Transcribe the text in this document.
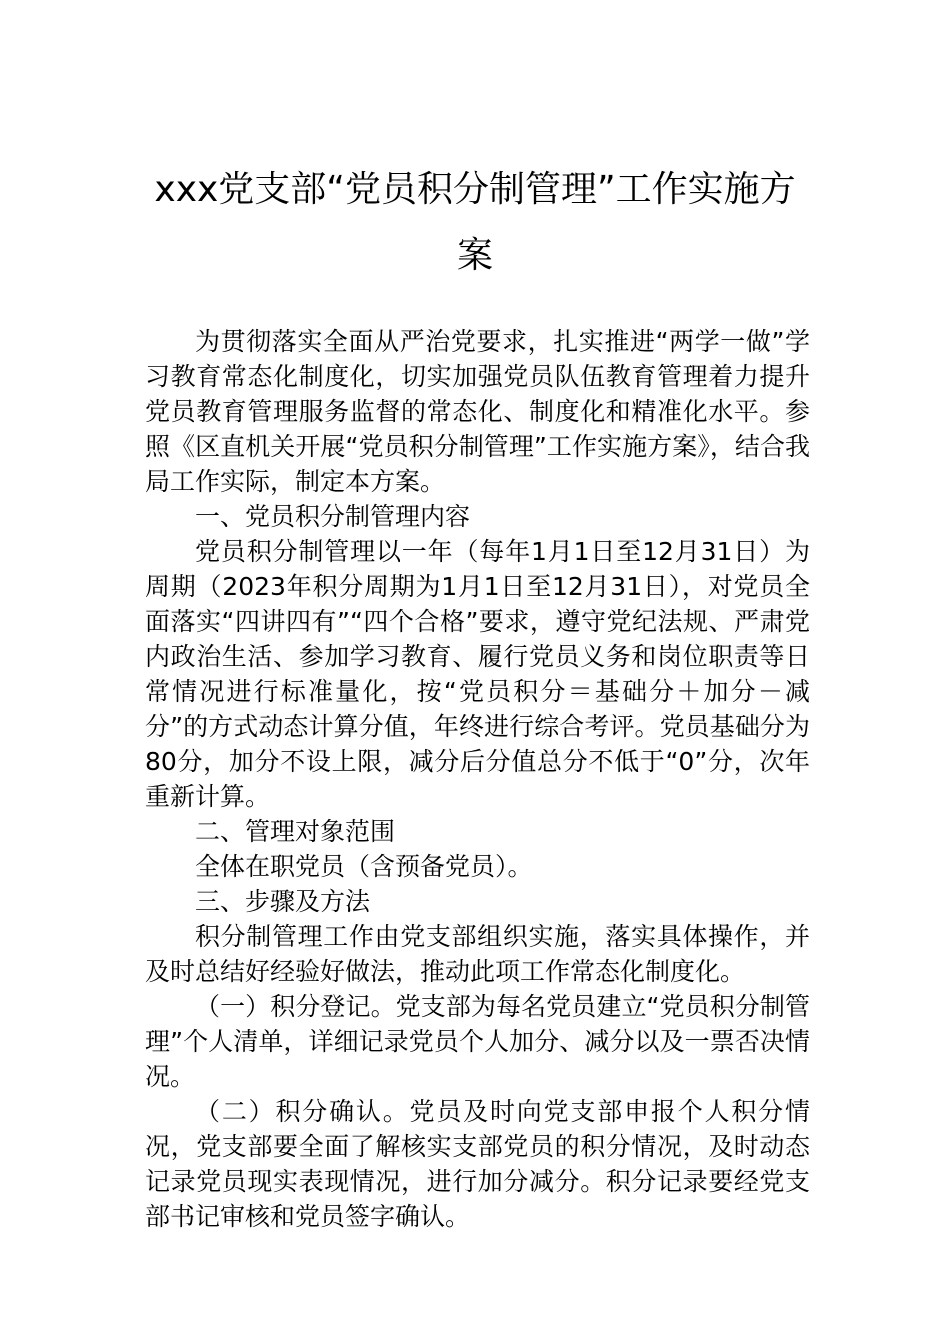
xxx党支部“党员积分制管理”工作实施方
案

为贯彻落实全面从严治党要求，扎实推进“两学一做”学习教育常态化制度化，切实加强党员队伍教育管理着力提升党员教育管理服务监督的常态化、制度化和精准化水平。参照《区直机关开展“党员积分制管理”工作实施方案》，结合我局工作实际，制定本方案。

一、党员积分制管理内容

党员积分制管理以一年（每年1月1日至12月31日）为周期（2023年积分周期为1月1日至12月31日），对党员全面落实“四讲四有”“四个合格”要求，遵守党纪法规、严肃党内政治生活、参加学习教育、履行党员义务和岗位职责等日常情况进行标准量化，按“党员积分＝基础分＋加分－减分”的方式动态计算分值，年终进行综合考评。党员基础分为80分，加分不设上限，减分后分值总分不低于“0”分，次年重新计算。

二、管理对象范围

全体在职党员（含预备党员）。

三、步骤及方法

积分制管理工作由党支部组织实施，落实具体操作，并及时总结好经验好做法，推动此项工作常态化制度化。

（一）积分登记。党支部为每名党员建立“党员积分制管理”个人清单，详细记录党员个人加分、减分以及一票否决情况。

（二）积分确认。党员及时向党支部申报个人积分情况，党支部要全面了解核实支部党员的积分情况，及时动态记录党员现实表现情况，进行加分减分。积分记录要经党支部书记审核和党员签字确认。
